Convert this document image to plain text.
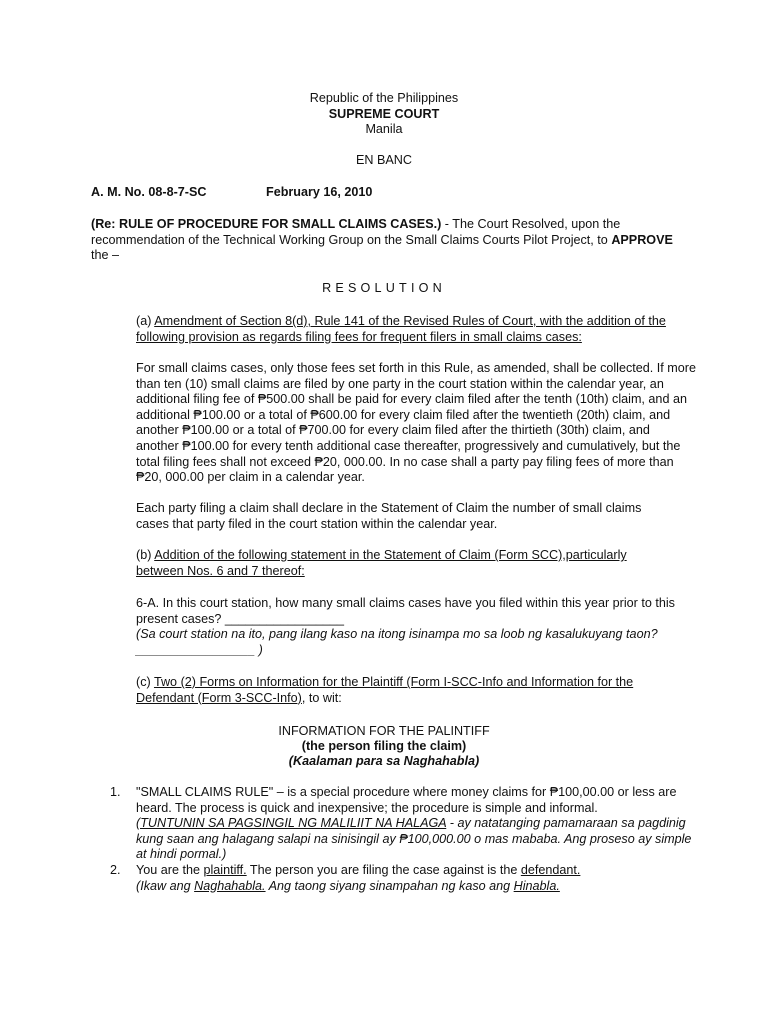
Republic of the Philippines
SUPREME COURT
Manila
EN BANC
A. M. No. 08-8-7-SC	February 16, 2010
(Re: RULE OF PROCEDURE FOR SMALL CLAIMS CASES.) - The Court Resolved, upon the recommendation of the Technical Working Group on the Small Claims Courts Pilot Project, to APPROVE the –
RESOLUTION
(a) Amendment of Section 8(d), Rule 141 of the Revised Rules of Court, with the addition of the following provision as regards filing fees for frequent filers in small claims cases:
For small claims cases, only those fees set forth in this Rule, as amended, shall be collected. If more than ten (10) small claims are filed by one party in the court station within the calendar year, an additional filing fee of ₱500.00 shall be paid for every claim filed after the tenth (10th) claim, and an additional ₱100.00 or a total of ₱600.00 for every claim filed after the twentieth (20th) claim, and another ₱100.00 or a total of ₱700.00 for every claim filed after the thirtieth (30th) claim, and another ₱100.00 for every tenth additional case thereafter, progressively and cumulatively, but the total filing fees shall not exceed ₱20, 000.00. In no case shall a party pay filing fees of more than ₱20, 000.00 per claim in a calendar year.
Each party filing a claim shall declare in the Statement of Claim the number of small claims cases that party filed in the court station within the calendar year.
(b) Addition of the following statement in the Statement of Claim (Form SCC),particularly between Nos. 6 and 7 thereof:
6-A. In this court station, how many small claims cases have you filed within this year prior to this present cases? _________________
(Sa court station na ito, pang ilang kaso na itong isinampa mo sa loob ng kasalukuyang taon? _________________ )
(c) Two (2) Forms on Information for the Plaintiff (Form I-SCC-Info and Information for the Defendant (Form 3-SCC-Info), to wit:
INFORMATION FOR THE PALINTIFF
(the person filing the claim)
(Kaalaman para sa Naghahabla)
1. "SMALL CLAIMS RULE" – is a special procedure where money claims for ₱100,00.00 or less are heard. The process is quick and inexpensive; the procedure is simple and informal.
(TUNTUNIN SA PAGSINGIL NG MALILIIT NA HALAGA - ay natatanging pamamaraan sa pagdinig kung saan ang halagang salapi na sinisingil ay ₱100,000.00 o mas mababa. Ang proseso ay simple at hindi pormal.)
2. You are the plaintiff. The person you are filing the case against is the defendant.
(Ikaw ang Naghahabla. Ang taong siyang sinampahan ng kaso ang Hinabla.
